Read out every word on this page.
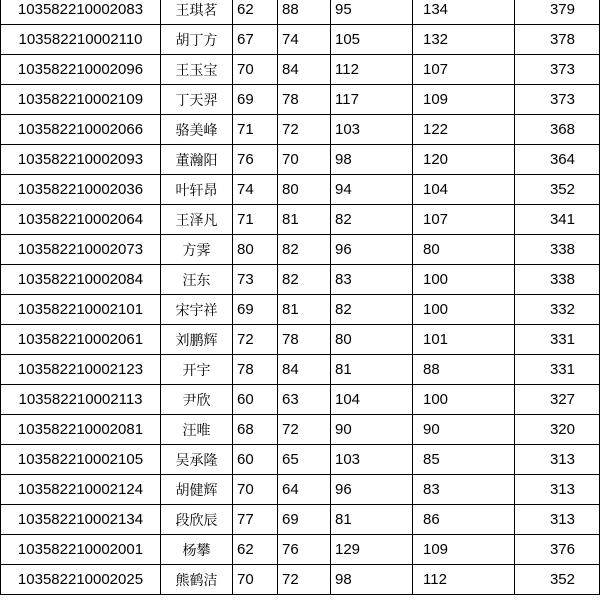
103582210002083	王琪茗	62	88	95	134	379
103582210002110	胡丁方	67	74	105	132	378
103582210002096	王玉宝	70	84	112	107	373
103582210002109	丁天羿	69	78	117	109	373
103582210002066	骆美峰	71	72	103	122	368
103582210002093	董瀚阳	76	70	98	120	364
103582210002036	叶轩昂	74	80	94	104	352
103582210002064	王泽凡	71	81	82	107	341
103582210002073	方霁	80	82	96	80	338
103582210002084	汪东	73	82	83	100	338
103582210002101	宋宇祥	69	81	82	100	332
103582210002061	刘鹏辉	72	78	80	101	331
103582210002123	开宇	78	84	81	88	331
103582210002113	尹欣	60	63	104	100	327
103582210002081	汪唯	68	72	90	90	320
103582210002105	吴承隆	60	65	103	85	313
103582210002124	胡健辉	70	64	96	83	313
103582210002134	段欣辰	77	69	81	86	313
103582210002001	杨攀	62	76	129	109	376
103582210002025	熊鹤洁	70	72	98	112	352
